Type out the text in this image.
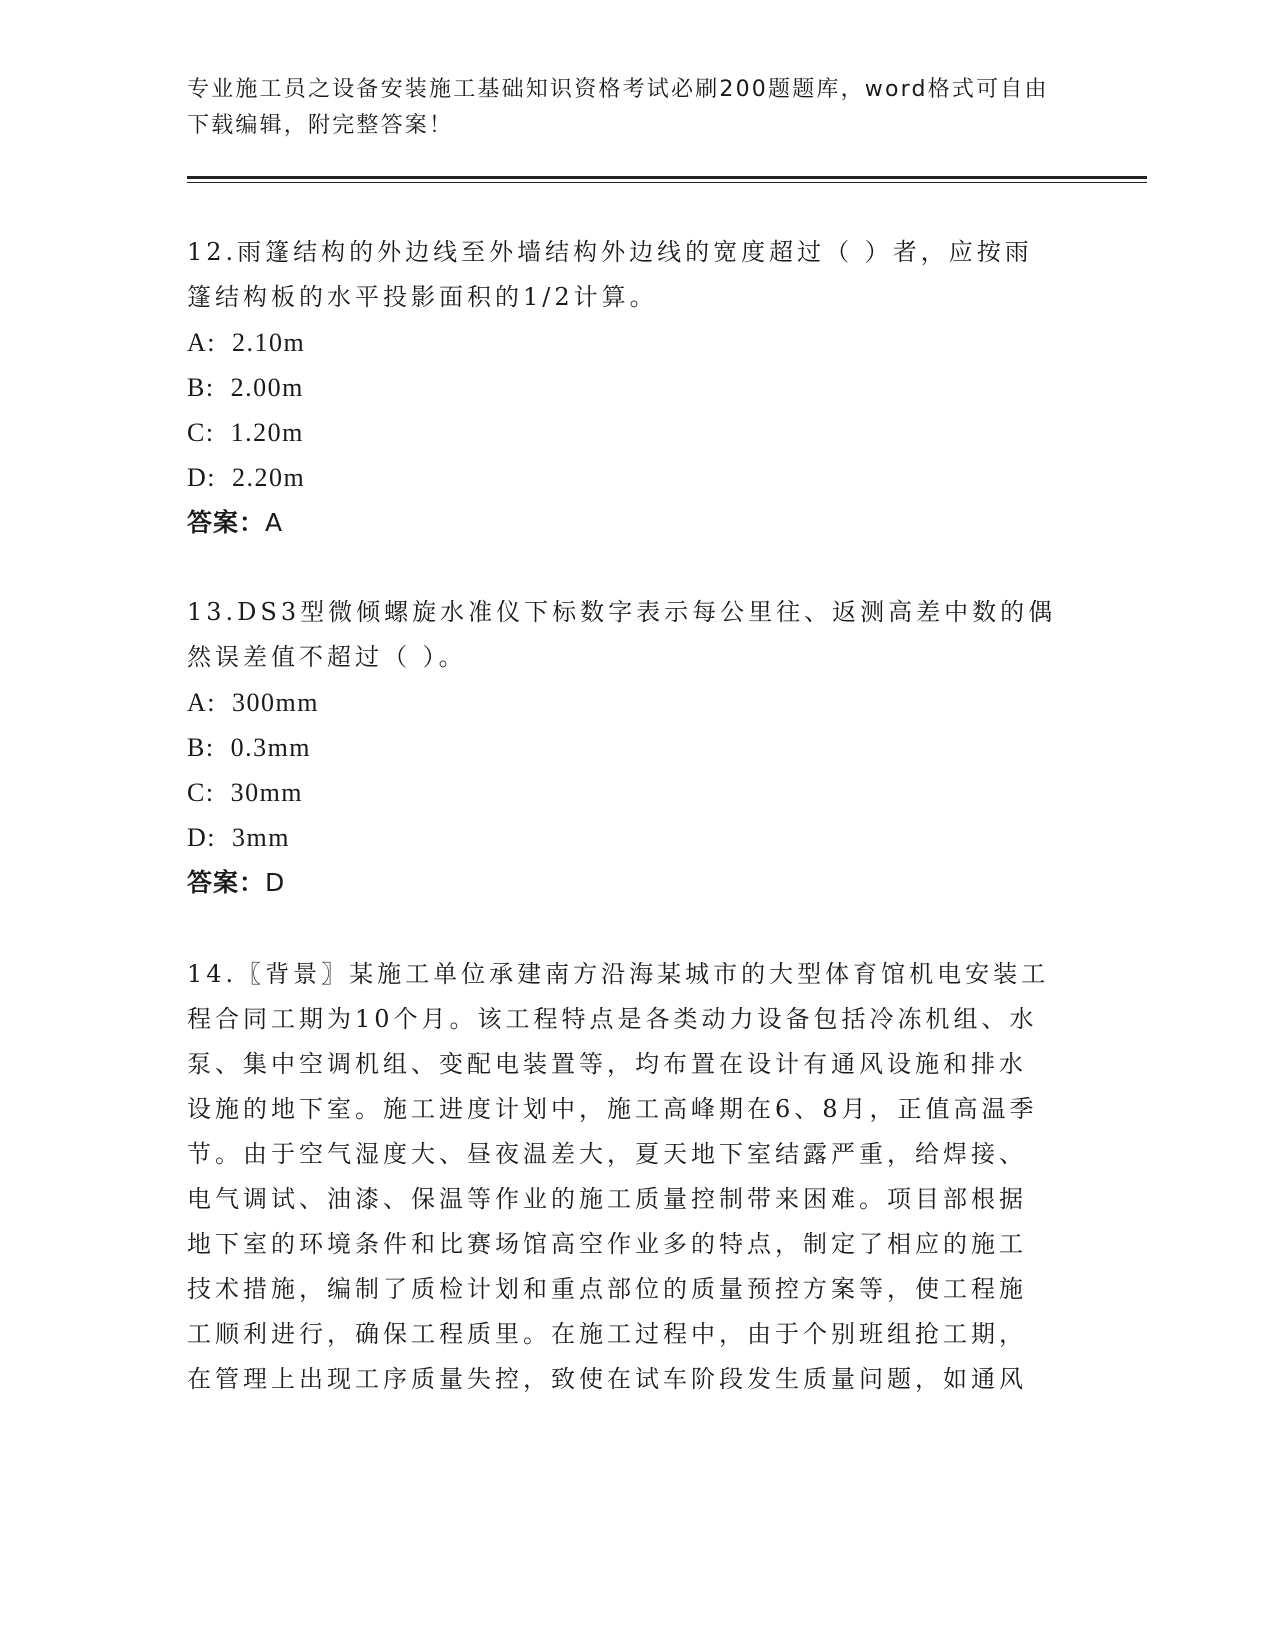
专业施工员之设备安装施工基础知识资格考试必刷200题题库，word格式可自由
下载编辑，附完整答案！

12.雨篷结构的外边线至外墙结构外边线的宽度超过（ ）者，应按雨

篷结构板的水平投影面积的1/2计算。

A: 2.10m

B: 2.00m

C: 1.20m

D: 2.20m

答案：A

13.DS3型微倾螺旋水准仪下标数字表示每公里往、返测高差中数的偶

然误差值不超过（ ）。

A: 300mm

B: 0.3mm

C: 30mm

D: 3mm

答案：D

14.〖背景〗某施工单位承建南方沿海某城市的大型体育馆机电安装工

程合同工期为10个月。该工程特点是各类动力设备包括冷冻机组、水

泵、集中空调机组、变配电装置等，均布置在设计有通风设施和排水

设施的地下室。施工进度计划中，施工高峰期在6、8月，正值高温季

节。由于空气湿度大、昼夜温差大，夏天地下室结露严重，给焊接、

电气调试、油漆、保温等作业的施工质量控制带来困难。项目部根据

地下室的环境条件和比赛场馆高空作业多的特点，制定了相应的施工

技术措施，编制了质检计划和重点部位的质量预控方案等，使工程施

工顺利进行，确保工程质里。在施工过程中，由于个别班组抢工期，

在管理上出现工序质量失控，致使在试车阶段发生质量问题，如通风
